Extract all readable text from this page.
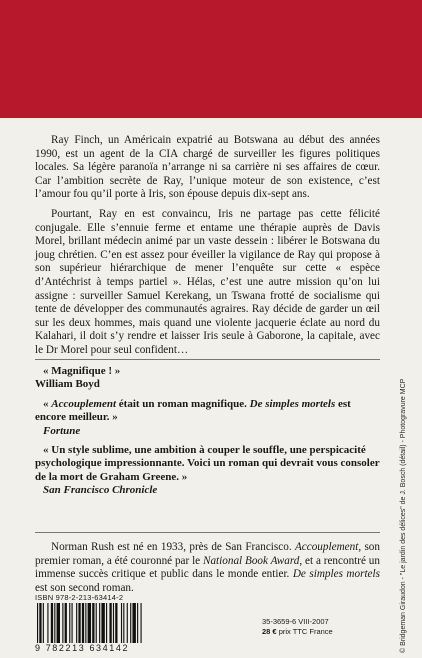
Ray Finch, un Américain expatrié au Botswana au début des années 1990, est un agent de la CIA chargé de surveiller les figures politiques locales. Sa légère paranoïa n’arrange ni sa carrière ni ses affaires de cœur. Car l’ambition secrète de Ray, l’unique moteur de son existence, c’est l’amour fou qu’il porte à Iris, son épouse depuis dix-sept ans.

Pourtant, Ray en est convaincu, Iris ne partage pas cette félicité conjugale. Elle s’ennuie ferme et entame une thérapie auprès de Davis Morel, brillant médecin animé par un vaste dessein : libérer le Botswana du joug chrétien. C’en est assez pour éveiller la vigilance de Ray qui propose à son supérieur hiérarchique de mener l’enquête sur cette « espèce d’Antéchrist à temps partiel ». Hélas, c’est une autre mission qu’on lui assigne : surveiller Samuel Kerekang, un Tswana frotté de socialisme qui tente de développer des communautés agraires. Ray décide de garder un œil sur les deux hommes, mais quand une violente jacquerie éclate au nord du Kalahari, il doit s’y rendre et laisser Iris seule à Gaborone, la capitale, avec le Dr Morel pour seul confident…

« Magnifique ! »
William Boyd
« Accouplement était un roman magnifique. De simples mortels est encore meilleur. »
Fortune
« Un style sublime, une ambition à couper le souffle, une perspicacité psychologique impressionnante. Voici un roman qui devrait vous consoler de la mort de Graham Greene. »
San Francisco Chronicle
Norman Rush est né en 1933, près de San Francisco. Accouplement, son premier roman, a été couronné par le National Book Award, et a rencontré un immense succès critique et public dans le monde entier. De simples mortels est son second roman.
ISBN 978-2-213-63414-2
9 782213 634142
35-3659-6 VIII-2007
28 € prix TTC France	© Bridgeman Giraudon - "Le jardin des délices" de J. Bosch (détail) - Photogravure MCP
